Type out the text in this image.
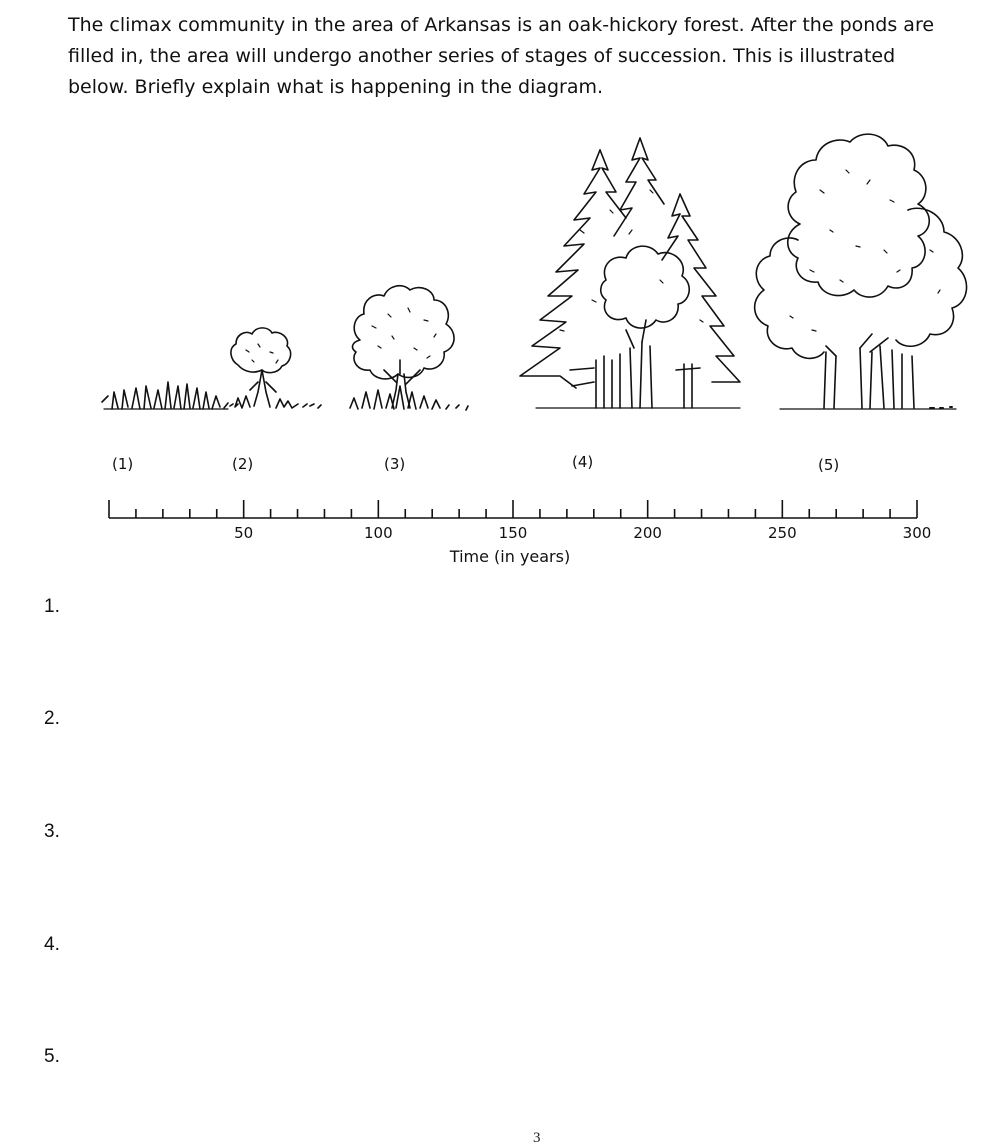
The climax community in the area of Arkansas is an oak-hickory forest. After the ponds are
filled in, the area will undergo another series of stages of succession. This is illustrated
below. Briefly explain what is happening in the diagram.

(1)	(2)	(3)	(4)	(5)
50	100	150	200	250	300
Time (in years)
1.
2.
3.
4.
5.
3
